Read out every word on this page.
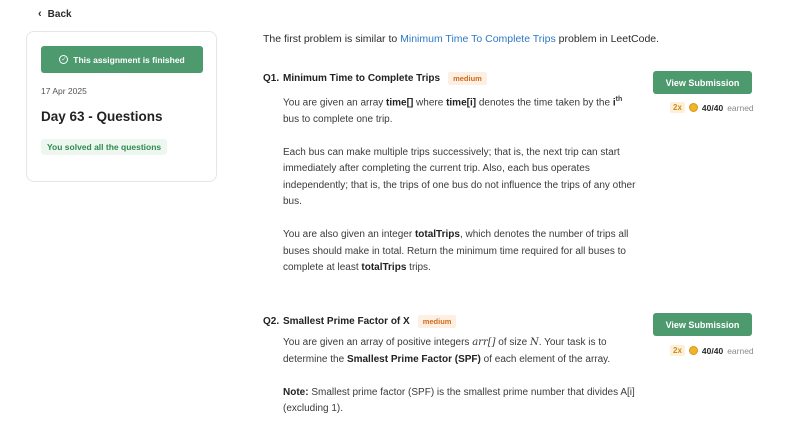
‹ Back
✓ This assignment is finished
17 Apr 2025
Day 63 - Questions
You solved all the questions
The first problem is similar to Minimum Time To Complete Trips problem in LeetCode.
Q1. Minimum Time to Complete Trips	medium

You are given an array time[] where time[i] denotes the time taken by the $i^{th}$ bus to complete one trip.

Each bus can make multiple trips successively; that is, the next trip can start immediately after completing the current trip. Also, each bus operates independently; that is, the trips of one bus do not influence the trips of any other bus.

You are also given an integer totalTrips, which denotes the number of trips all buses should make in total. Return the minimum time required for all buses to complete at least totalTrips trips.

View Submission
2x	40/40 earned
Q2. Smallest Prime Factor of X	medium

You are given an array of positive integers arr[] of size N. Your task is to determine the Smallest Prime Factor (SPF) of each element of the array.

Note: Smallest prime factor (SPF) is the smallest prime number that divides A[i] (excluding 1).

View Submission
2x	40/40 earned
